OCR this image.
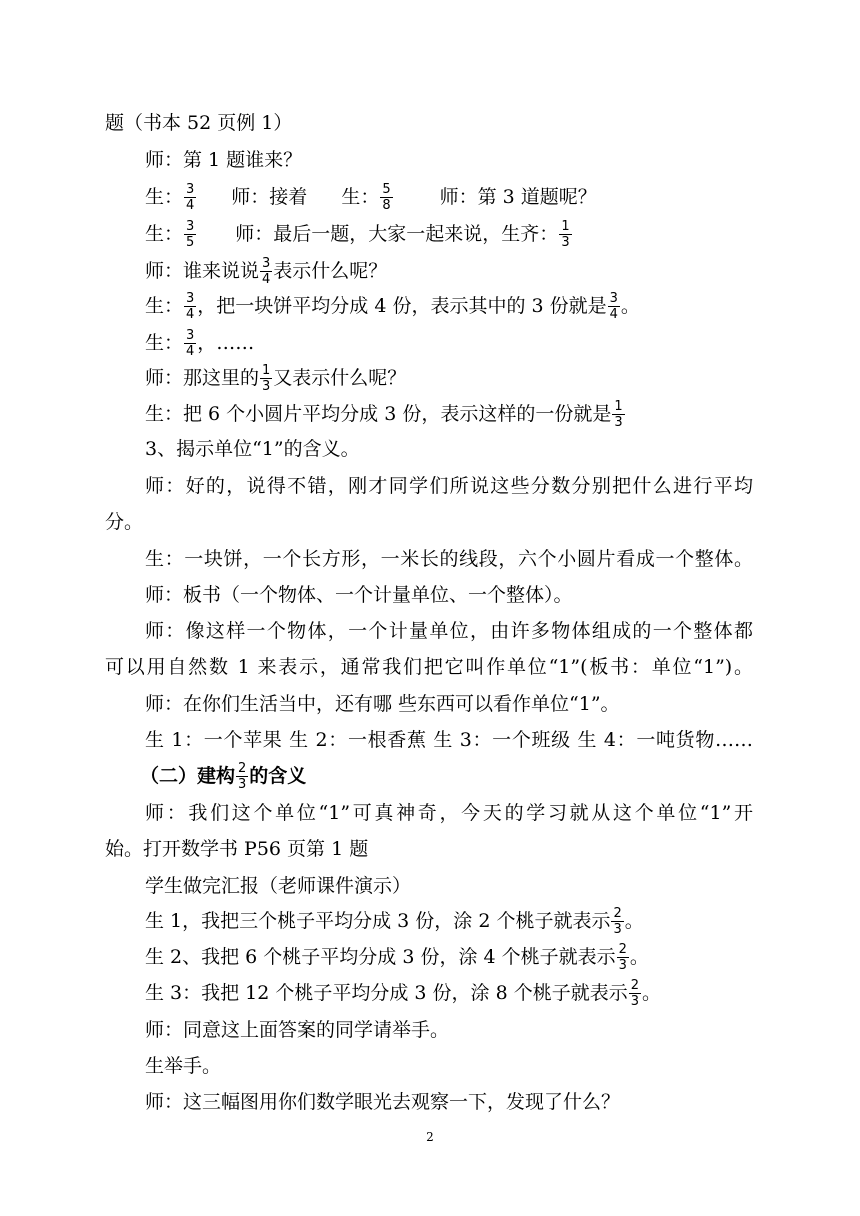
题（书本 52 页例 1）
师：第 1 题谁来？
生： $\frac{3}{4}$ 师：接着 生： $\frac{5}{8}$ 师：第 3 道题呢？
生： $\frac{3}{5}$ 师：最后一题，大家一起来说，生齐： $\frac{1}{3}$
师：谁来说说 $\frac{3}{4}$ 表示什么呢？
生： $\frac{3}{4}$ ，把一块饼平均分成 4 份，表示其中的 3 份就是 $\frac{3}{4}$ 。
生： $\frac{3}{4}$ ，……
师：那这里的 $\frac{1}{3}$ 又表示什么呢？
生：把 6 个小圆片平均分成 3 份，表示这样的一份就是 $\frac{1}{3}$
3、揭示单位“1”的含义。
师：好的，说得不错，刚才同学们所说这些分数分别把什么进行平均
分。
生：一块饼，一个长方形，一米长的线段，六个小圆片看成一个整体。
师：板书（一个物体、一个计量单位、一个整体）。
师：像这样一个物体，一个计量单位，由许多物体组成的一个整体都
可以用自然数 1 来表示，通常我们把它叫作单位“1”(板书：单位“1”)。
师：在你们生活当中，还有哪 些东西可以看作单位“1”。
生 1：一个苹果 生 2：一根香蕉 生 3：一个班级 生 4：一吨货物……
（二）建构 $\frac{2}{3}$ 的含义
师：我们这个单位“1”可真神奇，今天的学习就从这个单位“1”开
始。打开数学书 P56 页第 1 题
学生做完汇报（老师课件演示）
生 1，我把三个桃子平均分成 3 份，涂 2 个桃子就表示 $\frac{2}{3}$ 。
生 2、我把 6 个桃子平均分成 3 份，涂 4 个桃子就表示 $\frac{2}{3}$ 。
生 3：我把 12 个桃子平均分成 3 份，涂 8 个桃子就表示 $\frac{2}{3}$ 。
师：同意这上面答案的同学请举手。
生举手。
师：这三幅图用你们数学眼光去观察一下，发现了什么？
2
